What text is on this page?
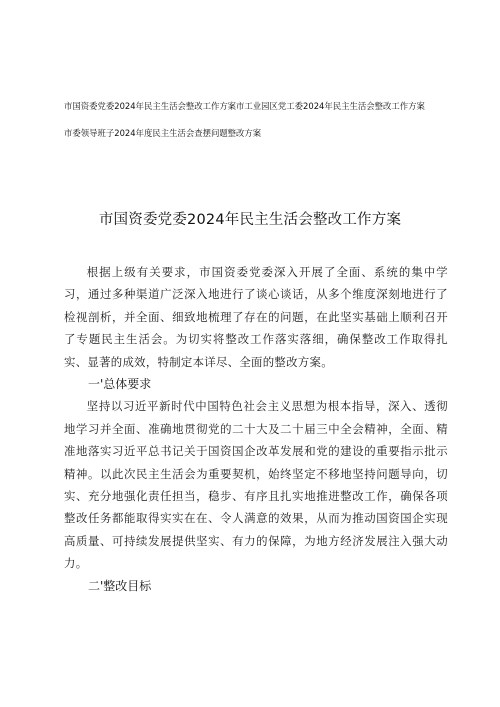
市国资委党委2024年民主生活会整改工作方案市工业园区党工委2024年民主生活会整改工作方案

市委领导班子2024年度民主生活会查摆问题整改方案

市国资委党委2024年民主生活会整改工作方案

根据上级有关要求，市国资委党委深入开展了全面、系统的集中学习，通过多种渠道广泛深入地进行了谈心谈话，从多个维度深刻地进行了检视剖析，并全面、细致地梳理了存在的问题，在此坚实基础上顺利召开了专题民主生活会。为切实将整改工作落实落细，确保整改工作取得扎实、显著的成效，特制定本详尽、全面的整改方案。

一'总体要求

坚持以习近平新时代中国特色社会主义思想为根本指导，深入、透彻地学习并全面、准确地贯彻党的二十大及二十届三中全会精神，全面、精准地落实习近平总书记关于国资国企改革发展和党的建设的重要指示批示精神。以此次民主生活会为重要契机，始终坚定不移地坚持问题导向，切实、充分地强化责任担当，稳步、有序且扎实地推进整改工作，确保各项整改任务都能取得实实在在、令人满意的效果，从而为推动国资国企实现高质量、可持续发展提供坚实、有力的保障，为地方经济发展注入强大动力。

二'整改目标
